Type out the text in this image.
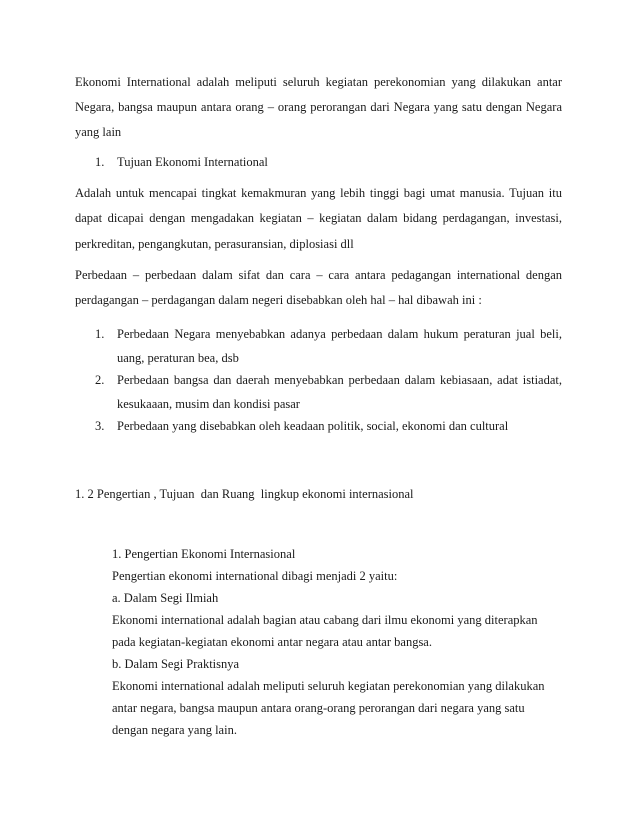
Ekonomi International adalah meliputi seluruh kegiatan perekonomian yang dilakukan antar
Negara, bangsa maupun antara orang – orang perorangan dari Negara yang satu dengan Negara
yang lain
1. Tujuan Ekonomi International
Adalah untuk mencapai tingkat kemakmuran yang lebih tinggi bagi umat manusia. Tujuan itu
dapat dicapai dengan mengadakan kegiatan – kegiatan dalam bidang perdagangan, investasi,
perkreditan, pengangkutan, perasuransian, diplosiasi dll
Perbedaan – perbedaan dalam sifat dan cara – cara antara pedagangan international dengan
perdagangan – perdagangan dalam negeri disebabkan oleh hal – hal dibawah ini :
1. Perbedaan Negara menyebabkan adanya perbedaan dalam hukum peraturan jual beli,
uang, peraturan bea, dsb
2. Perbedaan bangsa dan daerah menyebabkan perbedaan dalam kebiasaan, adat istiadat,
kesukaaan, musim dan kondisi pasar
3. Perbedaan yang disebabkan oleh keadaan politik, social, ekonomi dan cultural
1. 2 Pengertian , Tujuan  dan Ruang  lingkup ekonomi internasional
1. Pengertian Ekonomi Internasional
Pengertian ekonomi international dibagi menjadi 2 yaitu:
a. Dalam Segi Ilmiah
Ekonomi international adalah bagian atau cabang dari ilmu ekonomi yang diterapkan
pada kegiatan-kegiatan ekonomi antar negara atau antar bangsa.
b. Dalam Segi Praktisnya
Ekonomi international adalah meliputi seluruh kegiatan perekonomian yang dilakukan
antar negara, bangsa maupun antara orang-orang perorangan dari negara yang satu
dengan negara yang lain.
